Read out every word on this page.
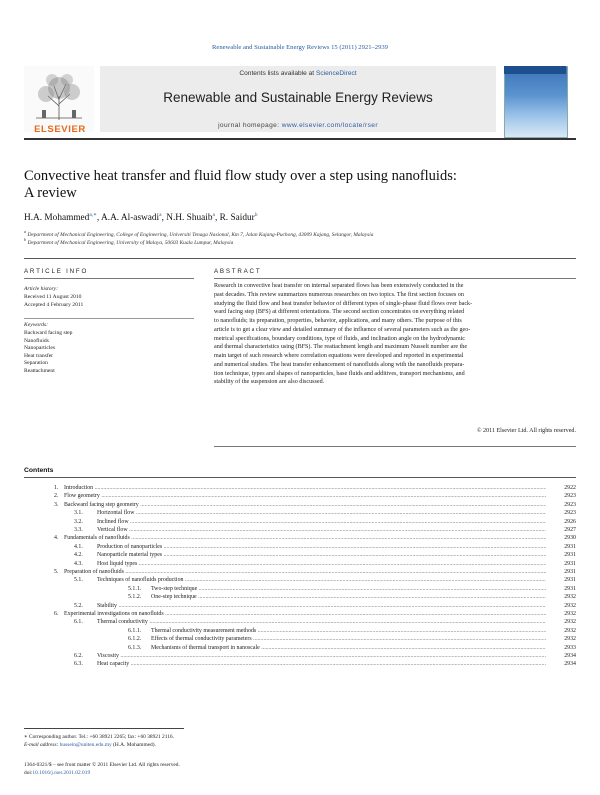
Renewable and Sustainable Energy Reviews 15 (2011) 2921–2939
ELSEVIER
Contents lists available at ScienceDirect
Renewable and Sustainable Energy Reviews
journal homepage: www.elsevier.com/locate/rser
Convective heat transfer and fluid flow study over a step using nanofluids:
A review
H.A. Mohammed$^{a,∗}$, A.A. Al-aswadi$^a$, N.H. Shuaib$^a$, R. Saidur$^b$
$^a$ Department of Mechanical Engineering, College of Engineering, Universiti Tenaga Nasional, Km 7, Jalan Kajang-Puchong, 43009 Kajang, Selangor, Malaysia
$^b$ Department of Mechanical Engineering, University of Malaya, 50603 Kuala Lumpur, Malaysia
ARTICLE INFO
Article history:
Received 11 August 2010
Accepted 4 February 2011
Keywords:
Backward facing step
Nanofluids
Nanoparticles
Heat transfer
Separation
Reattachment
ABSTRACT
Research in convective heat transfer on internal separated flows has been extensively conducted in the
past decades. This review summarizes numerous researches on two topics. The first section focuses on
studying the fluid flow and heat transfer behavior of different types of single-phase fluid flows over back-
ward facing step (BFS) at different orientations. The second section concentrates on everything related
to nanofluids; its preparation, properties, behavior, applications, and many others. The purpose of this
article is to get a clear view and detailed summary of the influence of several parameters such as the geo-
metrical specifications, boundary conditions, type of fluids, and inclination angle on the hydrodynamic
and thermal characteristics using (BFS). The reattachment length and maximum Nusselt number are the
main target of such research where correlation equations were developed and reported in experimental
and numerical studies. The heat transfer enhancement of nanofluids along with the nanofluids prepara-
tion technique, types and shapes of nanoparticles, base fluids and additives, transport mechanisms, and
stability of the suspension are also discussed.
© 2011 Elsevier Ltd. All rights reserved.
Contents
1. Introduction .....	2922
2. Flow geometry .....	2923
3. Backward facing step geometry .....	2923
3.1. Horizontal flow .....	2923
3.2. Inclined flow .....	2926
3.3. Vertical flow .....	2927
4. Fundamentals of nanofluids .....	2930
4.1. Production of nanoparticles .....	2931
4.2. Nanoparticle material types .....	2931
4.3. Host liquid types .....	2931
5. Preparation of nanofluids .....	2931
5.1. Techniques of nanofluids production .....	2931
5.1.1. Two-step technique .....	2931
5.1.2. One-step technique .....	2932
5.2. Stability .....	2932
6. Experimental investigations on nanofluids .....	2932
6.1. Thermal conductivity .....	2932
6.1.1. Thermal conductivity measurement methods .....	2932
6.1.2. Effects of thermal conductivity parameters .....	2932
6.1.3. Mechanisms of thermal transport in nanoscale .....	2933
6.2. Viscosity .....	2934
6.3. Heat capacity .....	2934
∗ Corresponding author. Tel.: +60 38921 2265; fax: +60 38921 2116.
E-mail address: hussein@uniten.edu.my (H.A. Mohammed).
1364-0321/$ – see front matter © 2011 Elsevier Ltd. All rights reserved.
doi:10.1016/j.rser.2011.02.019
